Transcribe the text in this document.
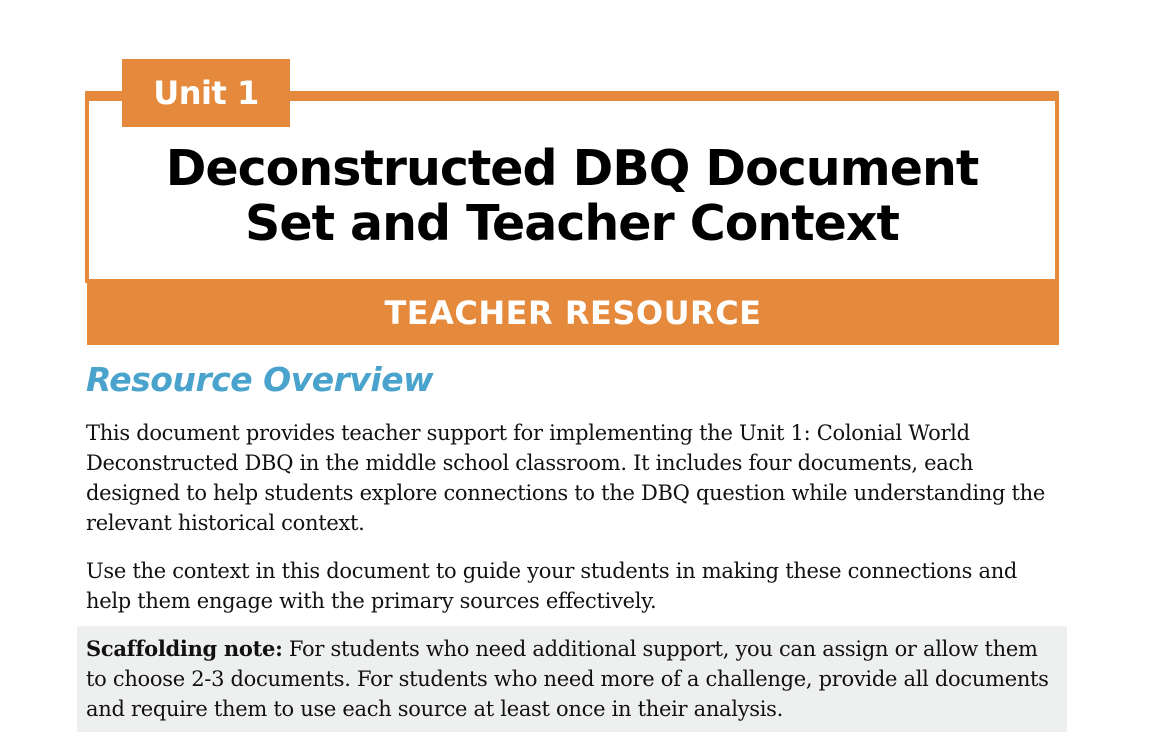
Unit 1
Deconstructed DBQ Document
Set and Teacher Context
TEACHER RESOURCE
Resource Overview

This document provides teacher support for implementing the Unit 1: Colonial World Deconstructed DBQ in the middle school classroom. It includes four documents, each designed to help students explore connections to the DBQ question while understanding the relevant historical context.

Use the context in this document to guide your students in making these connections and help them engage with the primary sources effectively.

Scaffolding note: For students who need additional support, you can assign or allow them to choose 2-3 documents. For students who need more of a challenge, provide all documents and require them to use each source at least once in their analysis.
